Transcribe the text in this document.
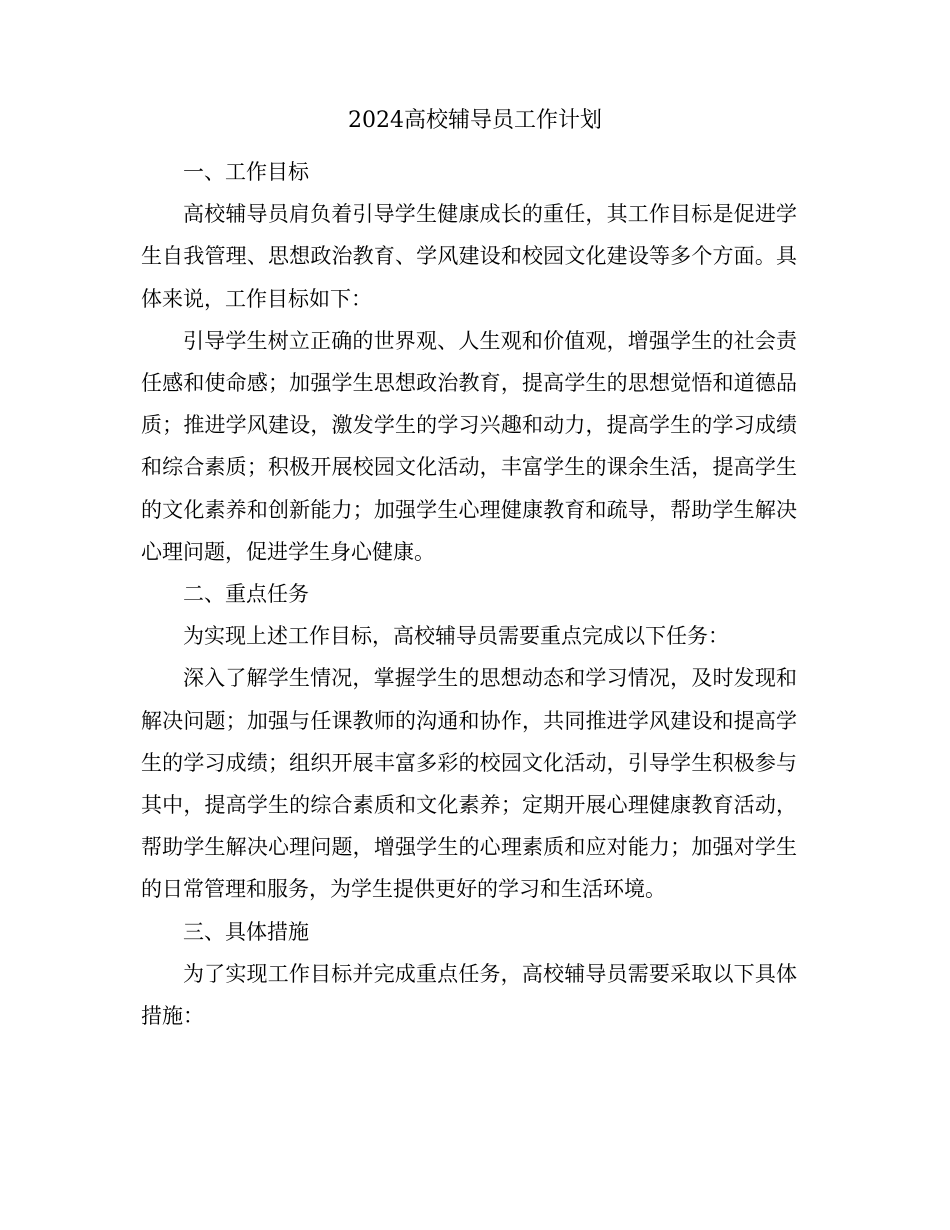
2024高校辅导员工作计划

一、工作目标

高校辅导员肩负着引导学生健康成长的重任，其工作目标是促进学生自我管理、思想政治教育、学风建设和校园文化建设等多个方面。具体来说，工作目标如下：

引导学生树立正确的世界观、人生观和价值观，增强学生的社会责任感和使命感；加强学生思想政治教育，提高学生的思想觉悟和道德品质；推进学风建设，激发学生的学习兴趣和动力，提高学生的学习成绩和综合素质；积极开展校园文化活动，丰富学生的课余生活，提高学生的文化素养和创新能力；加强学生心理健康教育和疏导，帮助学生解决心理问题，促进学生身心健康。

二、重点任务

为实现上述工作目标，高校辅导员需要重点完成以下任务：

深入了解学生情况，掌握学生的思想动态和学习情况，及时发现和解决问题；加强与任课教师的沟通和协作，共同推进学风建设和提高学生的学习成绩；组织开展丰富多彩的校园文化活动，引导学生积极参与其中，提高学生的综合素质和文化素养；定期开展心理健康教育活动，帮助学生解决心理问题，增强学生的心理素质和应对能力；加强对学生的日常管理和服务，为学生提供更好的学习和生活环境。

三、具体措施

为了实现工作目标并完成重点任务，高校辅导员需要采取以下具体措施：
